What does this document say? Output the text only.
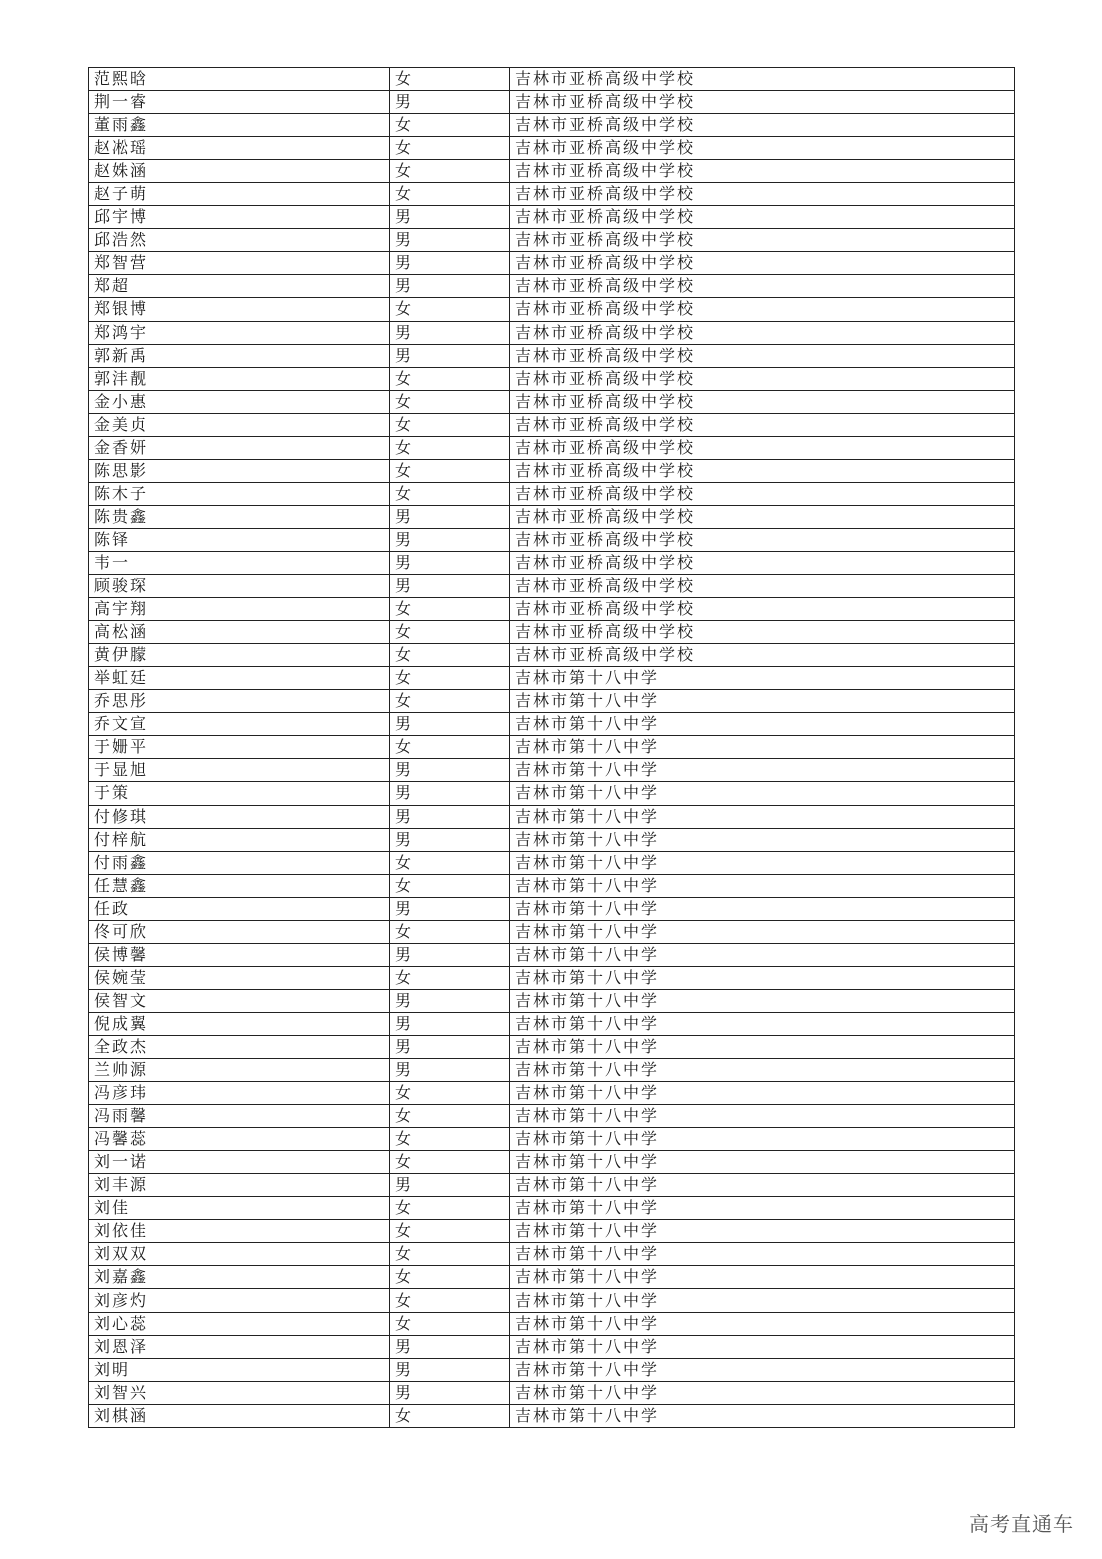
范熙晗	女	吉林市亚桥高级中学校
荆一睿	男	吉林市亚桥高级中学校
董雨鑫	女	吉林市亚桥高级中学校
赵凇瑶	女	吉林市亚桥高级中学校
赵姝涵	女	吉林市亚桥高级中学校
赵子萌	女	吉林市亚桥高级中学校
邱宇博	男	吉林市亚桥高级中学校
邱浩然	男	吉林市亚桥高级中学校
郑智营	男	吉林市亚桥高级中学校
郑超	男	吉林市亚桥高级中学校
郑银博	女	吉林市亚桥高级中学校
郑鸿宇	男	吉林市亚桥高级中学校
郭新禹	男	吉林市亚桥高级中学校
郭沣靓	女	吉林市亚桥高级中学校
金小惠	女	吉林市亚桥高级中学校
金美贞	女	吉林市亚桥高级中学校
金香妍	女	吉林市亚桥高级中学校
陈思影	女	吉林市亚桥高级中学校
陈木子	女	吉林市亚桥高级中学校
陈贵鑫	男	吉林市亚桥高级中学校
陈铎	男	吉林市亚桥高级中学校
韦一	男	吉林市亚桥高级中学校
顾骏琛	男	吉林市亚桥高级中学校
高宇翔	女	吉林市亚桥高级中学校
高松涵	女	吉林市亚桥高级中学校
黄伊朦	女	吉林市亚桥高级中学校
举虹廷	女	吉林市第十八中学
乔思彤	女	吉林市第十八中学
乔文宣	男	吉林市第十八中学
于姗平	女	吉林市第十八中学
于显旭	男	吉林市第十八中学
于策	男	吉林市第十八中学
付修琪	男	吉林市第十八中学
付梓航	男	吉林市第十八中学
付雨鑫	女	吉林市第十八中学
任慧鑫	女	吉林市第十八中学
任政	男	吉林市第十八中学
佟可欣	女	吉林市第十八中学
侯博馨	男	吉林市第十八中学
侯婉莹	女	吉林市第十八中学
侯智文	男	吉林市第十八中学
倪成翼	男	吉林市第十八中学
全政杰	男	吉林市第十八中学
兰帅源	男	吉林市第十八中学
冯彦玮	女	吉林市第十八中学
冯雨馨	女	吉林市第十八中学
冯馨蕊	女	吉林市第十八中学
刘一诺	女	吉林市第十八中学
刘丰源	男	吉林市第十八中学
刘佳	女	吉林市第十八中学
刘依佳	女	吉林市第十八中学
刘双双	女	吉林市第十八中学
刘嘉鑫	女	吉林市第十八中学
刘彦灼	女	吉林市第十八中学
刘心蕊	女	吉林市第十八中学
刘恩泽	男	吉林市第十八中学
刘明	男	吉林市第十八中学
刘智兴	男	吉林市第十八中学
刘棋涵	女	吉林市第十八中学
高考直通车
